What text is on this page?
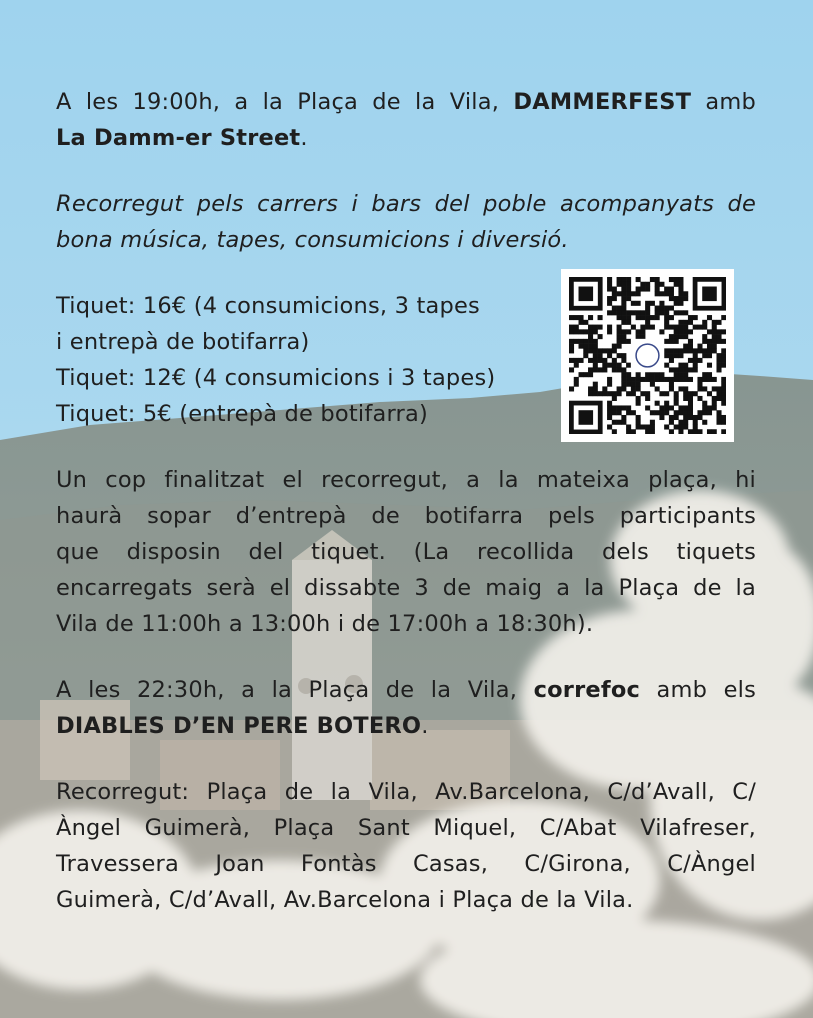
A les 19:00h, a la Plaça de la Vila, DAMMERFEST amb

La Damm-er Street.

Recorregut pels carrers i bars del poble acompanyats de

bona música, tapes, consumicions i diversió.

Tiquet: 16€ (4 consumicions, 3 tapes

i entrepà de botifarra)

Tiquet: 12€ (4 consumicions i 3 tapes)

Tiquet: 5€ (entrepà de botifarra)

Un cop finalitzat el recorregut, a la mateixa plaça, hi

haurà sopar d’entrepà de botifarra pels participants

que disposin del tiquet. (La recollida dels tiquets

encarregats serà el dissabte 3 de maig a la Plaça de la

Vila de 11:00h a 13:00h i de 17:00h a 18:30h).

A les 22:30h, a la Plaça de la Vila, correfoc amb els

DIABLES D’EN PERE BOTERO.

Recorregut: Plaça de la Vila, Av.Barcelona, C/d’Avall, C/

Àngel Guimerà, Plaça Sant Miquel, C/Abat Vilafreser,

Travessera Joan Fontàs Casas, C/Girona, C/Àngel

Guimerà, C/d’Avall, Av.Barcelona i Plaça de la Vila.
